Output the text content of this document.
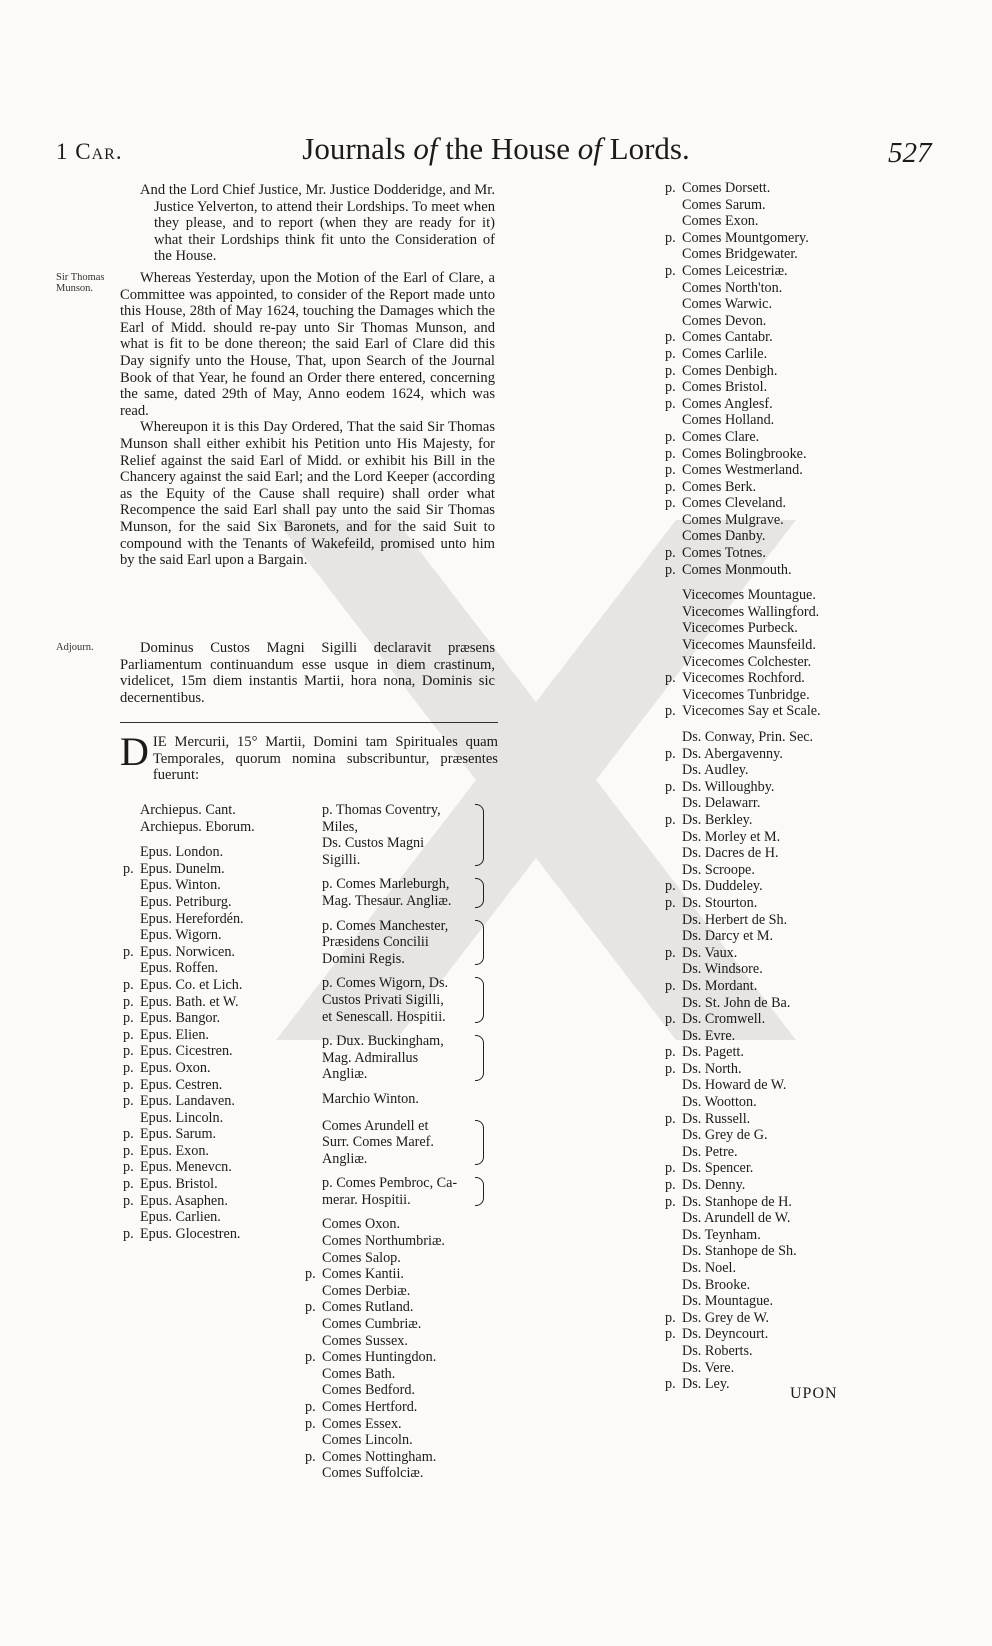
1 Car.	Journals of the House of Lords.	527
Sir Thomas Munson.
Adjourn.

And the Lord Chief Justice, Mr. Justice Dodderidge, and Mr. Justice Yelverton, to attend their Lordships. To meet when they please, and to report (when they are ready for it) what their Lordships think fit unto the Consideration of the House.

Whereas Yesterday, upon the Motion of the Earl of Clare, a Committee was appointed, to consider of the Report made unto this House, 28th of May 1624, touching the Damages which the Earl of Midd. should re-pay unto Sir Thomas Munson, and what is fit to be done thereon; the said Earl of Clare did this Day signify unto the House, That, upon Search of the Journal Book of that Year, he found an Order there entered, concerning the same, dated 29th of May, Anno eodem 1624, which was read.

Whereupon it is this Day Ordered, That the said Sir Thomas Munson shall either exhibit his Petition unto His Majesty, for Relief against the said Earl of Midd. or exhibit his Bill in the Chancery against the said Earl; and the Lord Keeper (according as the Equity of the Cause shall require) shall order what Recompence the said Earl shall pay unto the said Sir Thomas Munson, for the said Six Baronets, and for the said Suit to compound with the Tenants of Wakefeild, promised unto him by the said Earl upon a Bargain.

Dominus Custos Magni Sigilli declaravit præsens Parliamentum continuandum esse usque in diem crastinum, videlicet, 15m diem instantis Martii, hora nona, Dominis sic decernentibus.

D IE Mercurii, 15° Martii, Domini tam Spirituales quam Temporales, quorum nomina subscribuntur, præsentes fuerunt:

Archiepus. Cant.
Archiepus. Eborum.
Epus. London.
p. Epus. Dunelm.
Epus. Winton.
Epus. Petriburg.
Epus. Herefordén.
Epus. Wigorn.
p. Epus. Norwicen.
Epus. Roffen.
p. Epus. Co. et Lich.
p. Epus. Bath. et W.
p. Epus. Bangor.
p. Epus. Elien.
p. Epus. Cicestren.
p. Epus. Oxon.
p. Epus. Cestren.
p. Epus. Landaven.
Epus. Lincoln.
p. Epus. Sarum.
p. Epus. Exon.
p. Epus. Menevcn.
p. Epus. Bristol.
p. Epus. Asaphen.
Epus. Carlien.
p. Epus. Glocestren.
p. Thomas Coventry, Miles,
Ds. Custos Magni
Sigilli.
p. Comes Marleburgh,
Mag. Thesaur. Angliæ.
p. Comes Manchester,
Præsidens Concilii
Domini Regis.
p. Comes Wigorn, Ds.
Custos Privati Sigilli,
et Senescall. Hospitii.
p. Dux. Buckingham,
Mag. Admirallus
Angliæ.
Marchio Winton.
Comes Arundell et
Surr. Comes Maref.
Angliæ.
p. Comes Pembroc, Ca-
merar. Hospitii.
Comes Oxon.
Comes Northumbriæ.
Comes Salop.
p. Comes Kantii.
Comes Derbiæ.
p. Comes Rutland.
Comes Cumbriæ.
Comes Sussex.
p. Comes Huntingdon.
Comes Bath.
Comes Bedford.
p. Comes Hertford.
p. Comes Essex.
Comes Lincoln.
p. Comes Nottingham.
Comes Suffolciæ.
p. Comes Dorsett.
Comes Sarum.
Comes Exon.
p. Comes Mountgomery.
Comes Bridgewater.
p. Comes Leicestriæ.
Comes North'ton.
Comes Warwic.
Comes Devon.
p. Comes Cantabr.
p. Comes Carlile.
p. Comes Denbigh.
p. Comes Bristol.
p. Comes Anglesf.
Comes Holland.
p. Comes Clare.
p. Comes Bolingbrooke.
p. Comes Westmerland.
p. Comes Berk.
p. Comes Cleveland.
Comes Mulgrave.
Comes Danby.
p. Comes Totnes.
p. Comes Monmouth.
Vicecomes Mountague.
Vicecomes Wallingford.
Vicecomes Purbeck.
Vicecomes Maunsfeild.
Vicecomes Colchester.
p. Vicecomes Rochford.
Vicecomes Tunbridge.
p. Vicecomes Say et Scale.
Ds. Conway, Prin. Sec.
p. Ds. Abergavenny.
Ds. Audley.
p. Ds. Willoughby.
Ds. Delawarr.
p. Ds. Berkley.
Ds. Morley et M.
Ds. Dacres de H.
Ds. Scroope.
p. Ds. Duddeley.
p. Ds. Stourton.
Ds. Herbert de Sh.
Ds. Darcy et M.
p. Ds. Vaux.
Ds. Windsore.
p. Ds. Mordant.
Ds. St. John de Ba.
p. Ds. Cromwell.
Ds. Evre.
p. Ds. Pagett.
p. Ds. North.
Ds. Howard de W.
Ds. Wootton.
p. Ds. Russell.
Ds. Grey de G.
Ds. Petre.
p. Ds. Spencer.
p. Ds. Denny.
p. Ds. Stanhope de H.
Ds. Arundell de W.
Ds. Teynham.
Ds. Stanhope de Sh.
Ds. Noel.
Ds. Brooke.
Ds. Mountague.
p. Ds. Grey de W.
p. Ds. Deyncourt.
Ds. Roberts.
Ds. Vere.
p. Ds. Ley.
UPON
